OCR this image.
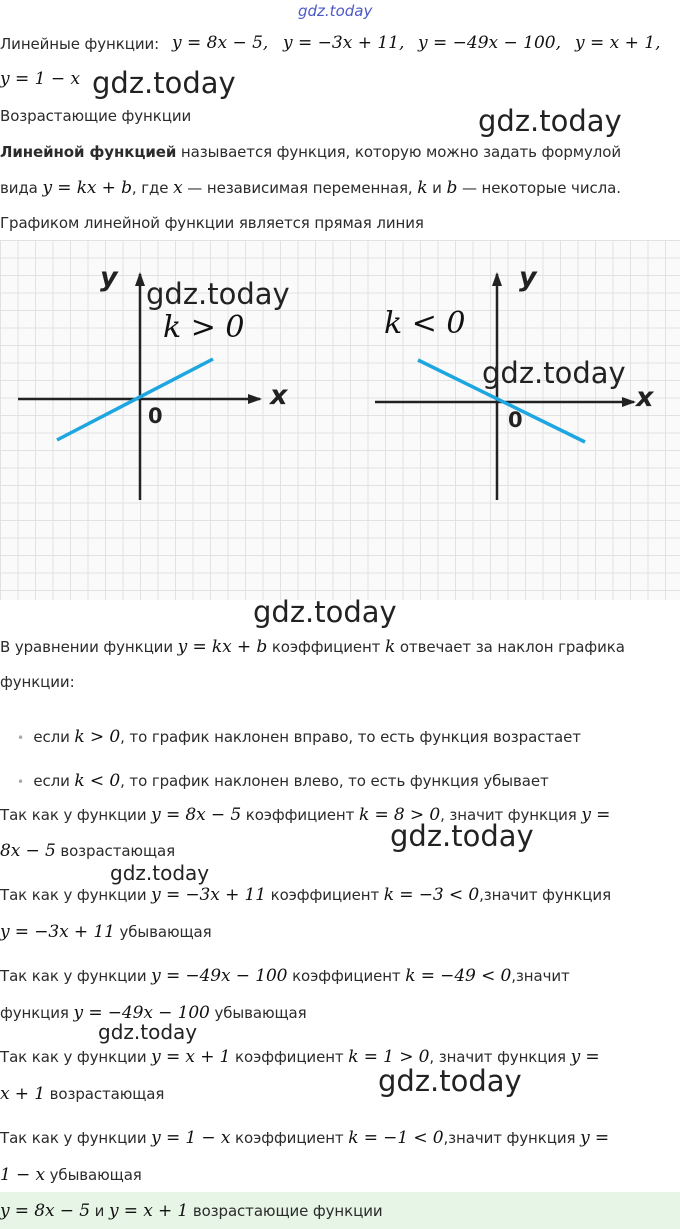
gdz.today
Линейные функции: y = 8x − 5, y = −3x + 11, y = −49x − 100, y = x + 1,
y = 1 − x gdz.today
Возрастающие функции	gdz.today
Линейной функцией называется функция, которую можно задать формулой
вида y = kx + b, где x — независимая переменная, k и b — некоторые числа.
Графиком линейной функции является прямая линия
y
x
0
k > 0
gdz.today	y
x
0
k < 0
gdz.today
gdz.today
В уравнении функции y = kx + b коэффициент k отвечает за наклон графика
функции:
• если k > 0, то график наклонен вправо, то есть функция возрастает
• если k < 0, то график наклонен влево, то есть функция убывает
Так как у функции y = 8x − 5 коэффициент k = 8 > 0, значит функция y =
8x − 5 возрастающая	gdz.today
gdz.today
Так как у функции y = −3x + 11 коэффициент k = −3 < 0,значит функция
y = −3x + 11 убывающая
Так как у функции y = −49x − 100 коэффициент k = −49 < 0,значит
функция y = −49x − 100 убывающая
gdz.today
Так как у функции y = x + 1 коэффициент k = 1 > 0, значит функция y =
x + 1 возрастающая	gdz.today
Так как у функции y = 1 − x коэффициент k = −1 < 0,значит функция y =
1 − x убывающая
y = 8x − 5 и y = x + 1 возрастающие функции
